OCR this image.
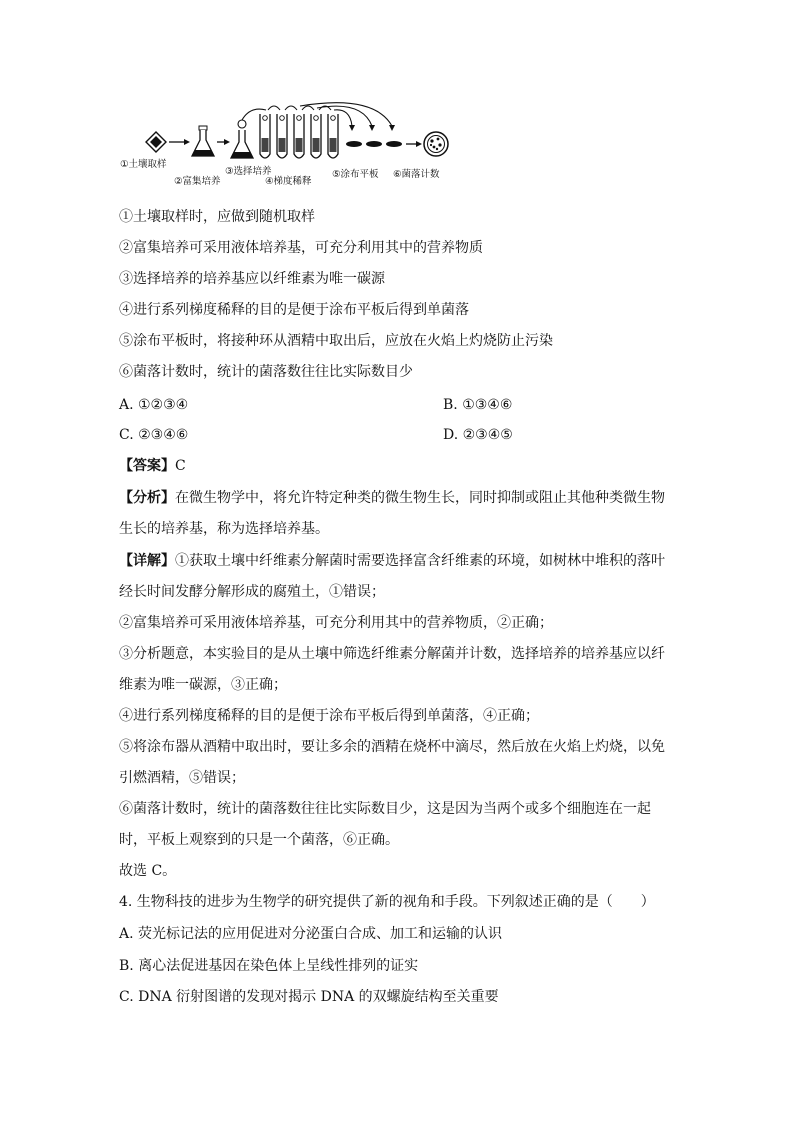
①土壤取样
②富集培养
③选择培养
④梯度稀释
⑤涂布平板 ⑥菌落计数
①土壤取样时，应做到随机取样
②富集培养可采用液体培养基，可充分利用其中的营养物质
③选择培养的培养基应以纤维素为唯一碳源
④进行系列梯度稀释的目的是便于涂布平板后得到单菌落
⑤涂布平板时，将接种环从酒精中取出后，应放在火焰上灼烧防止污染
⑥菌落计数时，统计的菌落数往往比实际数目少
A. ①②③④	B. ①③④⑥
C. ②③④⑥	D. ②③④⑤
【答案】C
【分析】在微生物学中，将允许特定种类的微生物生长，同时抑制或阻止其他种类微生物
生长的培养基，称为选择培养基。
【详解】①获取土壤中纤维素分解菌时需要选择富含纤维素的环境，如树林中堆积的落叶
经长时间发酵分解形成的腐殖土，①错误；
②富集培养可采用液体培养基，可充分利用其中的营养物质，②正确；
③分析题意，本实验目的是从土壤中筛选纤维素分解菌并计数，选择培养的培养基应以纤
维素为唯一碳源，③正确；
④进行系列梯度稀释的目的是便于涂布平板后得到单菌落，④正确；
⑤将涂布器从酒精中取出时，要让多余的酒精在烧杯中滴尽，然后放在火焰上灼烧，以免
引燃酒精，⑤错误；
⑥菌落计数时，统计的菌落数往往比实际数目少，这是因为当两个或多个细胞连在一起
时，平板上观察到的只是一个菌落，⑥正确。
故选 C。
4. 生物科技的进步为生物学的研究提供了新的视角和手段。下列叙述正确的是（　　）
A. 荧光标记法的应用促进对分泌蛋白合成、加工和运输的认识
B. 离心法促进基因在染色体上呈线性排列的证实
C. DNA 衍射图谱的发现对揭示 DNA 的双螺旋结构至关重要
